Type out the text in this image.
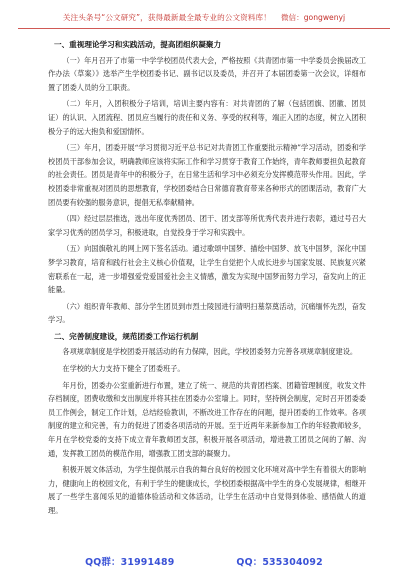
关注头条号“公文研究”，获得最新最全最专业的公文资料库！ 微信：gongwenyj
一、重视理论学习和实践活动，提高团组织凝聚力

（一）年月召开了市第一中学学校团员代表大会，严格按照《共青团市第一中学委员会换届改工作办法（草案）》选举产生学校团委书记、副书记以及委员，并召开了本届团委第一次会议，详细布置了团委人员的分工职责。

（二）年月，入团积极分子培训，培训主要内容有：对共青团的了解（包括团旗、团徽、团员证）的认识、入团流程、团员应当履行的责任和义务、享受的权利等，端正入团的态度，树立入团积极分子的远大抱负和爱国情怀。

（三）年月，团委开展“学习贯彻习近平总书记对共青团工作重要批示精神”学习活动，团委和学校团员干部参加会议，明确教师应该将实际工作和学习贯穿于教育工作始终，青年教师要担负起教育的社会责任。团员是青年中的积极分子，在日常生活和学习中必须充分发挥模范带头作用。因此，学校团委非常重视对团员的思想教育，学校团委结合日常德育教育带来各种形式的团课活动，教育广大团员要有较强的服务意识，提倡无私奉献精神。

（四）经过层层推选，选出年度优秀团员、团干、团支部等所优秀代表并进行表彰，通过号召大家学习优秀的团员学习，积极进取，自觉投身于学习和实践中。

（五）向国旗敬礼的网上网下签名活动。通过歌颂中国梦、描绘中国梦、放飞中国梦，深化中国梦学习教育，培育和践行社会主义核心价值观，让学生自觉把个人成长进步与国家发展、民族复兴紧密联系在一起，进一步增强爱党爱国爱社会主义情感，激发为实现中国梦而努力学习，奋发向上的正能量。

（六）组织青年教师、部分学生团员到市烈士陵园进行清明扫墓祭奠活动，沉痛缅怀先烈，奋发学习。

二、完善制度建设，规范团委工作运行机制

各项规章制度是学校团委开展活动的有力保障，因此，学校团委努力完善各项规章制度建设。

在学校的大力支持下健全了团委班子。

年月份，团委办公室重新进行布置，建立了统一、规范的共青团档案、团籍管理制度，收发文件存档制度，团费收缴和支出制度并将其挂在团委办公室墙上。同时，坚持例会制度，定时召开团委委员工作例会，制定工作计划，总结经验教训，不断改进工作存在的问题，提升团委的工作效率。各项制度的建立和完善，有力的促进了团委各项活动的开展。至于近两年来新参加工作的年轻教师较多，年月在学校党委的支持下成立青年教师团支部，积极开展各项活动，增进教工团员之间的了解、沟通，发挥教工团员的模范作用，增强教工团支部的凝聚力。

积极开展文体活动，为学生提供展示自我的舞台良好的校园文化环境对高中学生有着很大的影响力，健康向上的校园文化，有利于学生的健康成长，学校团委根据高中学生的身心发展规律，相继开展了一些学生喜闻乐见的道德体验活动和文体活动，让学生在活动中自觉得到体验、感悟做人的道理。

QQ群：31991489	QQ：535304092
